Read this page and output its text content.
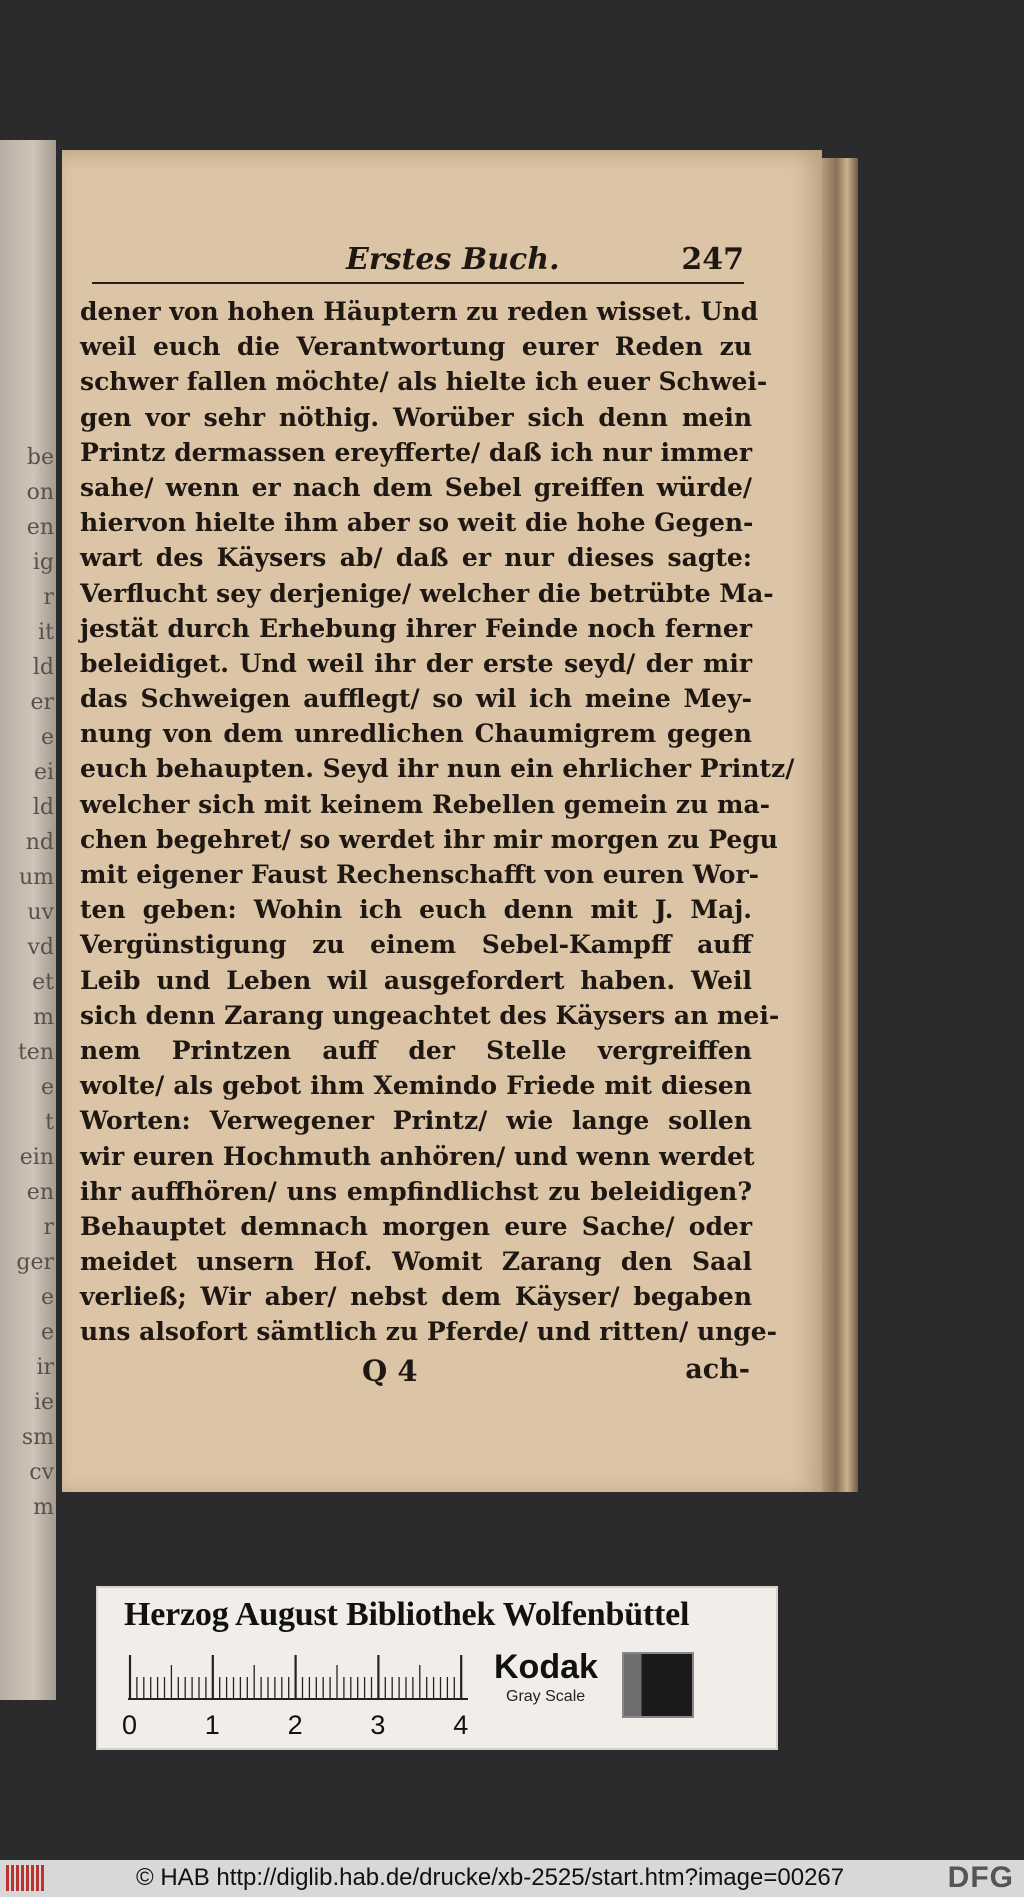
be
on
en
ig
r
it
ld
er
e
ei
ld
nd
um
uv
vd
et
m
ten
e
t
ein
en
r
ger
e
e
ir
ie
sm
cv
m
Erstes Buch.	247
dener von hohen Häuptern zu reden wisset. Und
weil euch die Verantwortung eurer Reden zu
schwer fallen möchte/ als hielte ich euer Schwei-
gen vor sehr nöthig. Worüber sich denn mein
Printz dermassen ereyfferte/ daß ich nur immer
sahe/ wenn er nach dem Sebel greiffen würde/
hiervon hielte ihm aber so weit die hohe Gegen-
wart des Käysers ab/ daß er nur dieses sagte:
Verflucht sey derjenige/ welcher die betrübte Ma-
jestät durch Erhebung ihrer Feinde noch ferner
beleidiget. Und weil ihr der erste seyd/ der mir
das Schweigen aufflegt/ so wil ich meine Mey-
nung von dem unredlichen Chaumigrem gegen
euch behaupten. Seyd ihr nun ein ehrlicher Printz/
welcher sich mit keinem Rebellen gemein zu ma-
chen begehret/ so werdet ihr mir morgen zu Pegu
mit eigener Faust Rechenschafft von euren Wor-
ten geben: Wohin ich euch denn mit J. Maj.
Vergünstigung zu einem Sebel-Kampff auff
Leib und Leben wil ausgefordert haben. Weil
sich denn Zarang ungeachtet des Käysers an mei-
nem Printzen auff der Stelle vergreiffen
wolte/ als gebot ihm Xemindo Friede mit diesen
Worten: Verwegener Printz/ wie lange sollen
wir euren Hochmuth anhören/ und wenn werdet
ihr auffhören/ uns empfindlichst zu beleidigen?
Behauptet demnach morgen eure Sache/ oder
meidet unsern Hof. Womit Zarang den Saal
verließ; Wir aber/ nebst dem Käyser/ begaben
uns alsofort sämtlich zu Pferde/ und ritten/ unge-
Q 4	ach-
Herzog August Bibliothek Wolfenbüttel
0	1	2	3	4
Kodak
Gray Scale
© HAB http://diglib.hab.de/drucke/xb-2525/start.htm?image=00267	DFG
